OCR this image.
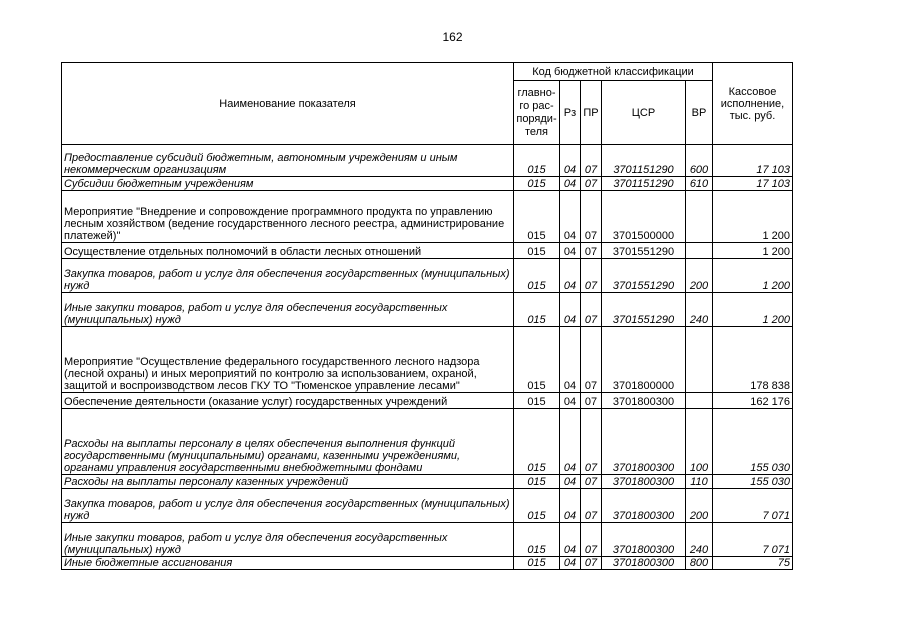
162
Наименование показателя	Код бюджетной классификации					Кассовое
исполнение,
тыс. руб.
	главно-
го рас-
поряди-
теля	Рз	ПР	ЦСР	ВР	
Предоставление субсидий бюджетным, автономным учреждениям и иным некоммерческим организациям	015	04	07	3701151290	600	17 103
Субсидии бюджетным учреждениям	015	04	07	3701151290	610	17 103
Мероприятие "Внедрение и сопровождение программного продукта по управлению лесным хозяйством (ведение государственного лесного реестра, администрирование платежей)"	015	04	07	3701500000		1 200
Осуществление отдельных полномочий в области лесных отношений	015	04	07	3701551290		1 200
Закупка товаров, работ и услуг для обеспечения государственных (муниципальных) нужд	015	04	07	3701551290	200	1 200
Иные закупки товаров, работ и услуг для обеспечения государственных (муниципальных) нужд	015	04	07	3701551290	240	1 200
Мероприятие "Осуществление федерального государственного лесного надзора (лесной охраны) и иных мероприятий по контролю за использованием, охраной, защитой и воспроизводством лесов ГКУ ТО "Тюменское управление лесами"	015	04	07	3701800000		178 838
Обеспечение деятельности (оказание услуг) государственных учреждений	015	04	07	3701800300		162 176
Расходы на выплаты персоналу в целях обеспечения выполнения функций государственными (муниципальными) органами, казенными учреждениями, органами управления государственными внебюджетными фондами	015	04	07	3701800300	100	155 030
Расходы на выплаты персоналу казенных учреждений	015	04	07	3701800300	110	155 030
Закупка товаров, работ и услуг для обеспечения государственных (муниципальных) нужд	015	04	07	3701800300	200	7 071
Иные закупки товаров, работ и услуг для обеспечения государственных (муниципальных) нужд	015	04	07	3701800300	240	7 071
Иные бюджетные ассигнования	015	04	07	3701800300	800	75
